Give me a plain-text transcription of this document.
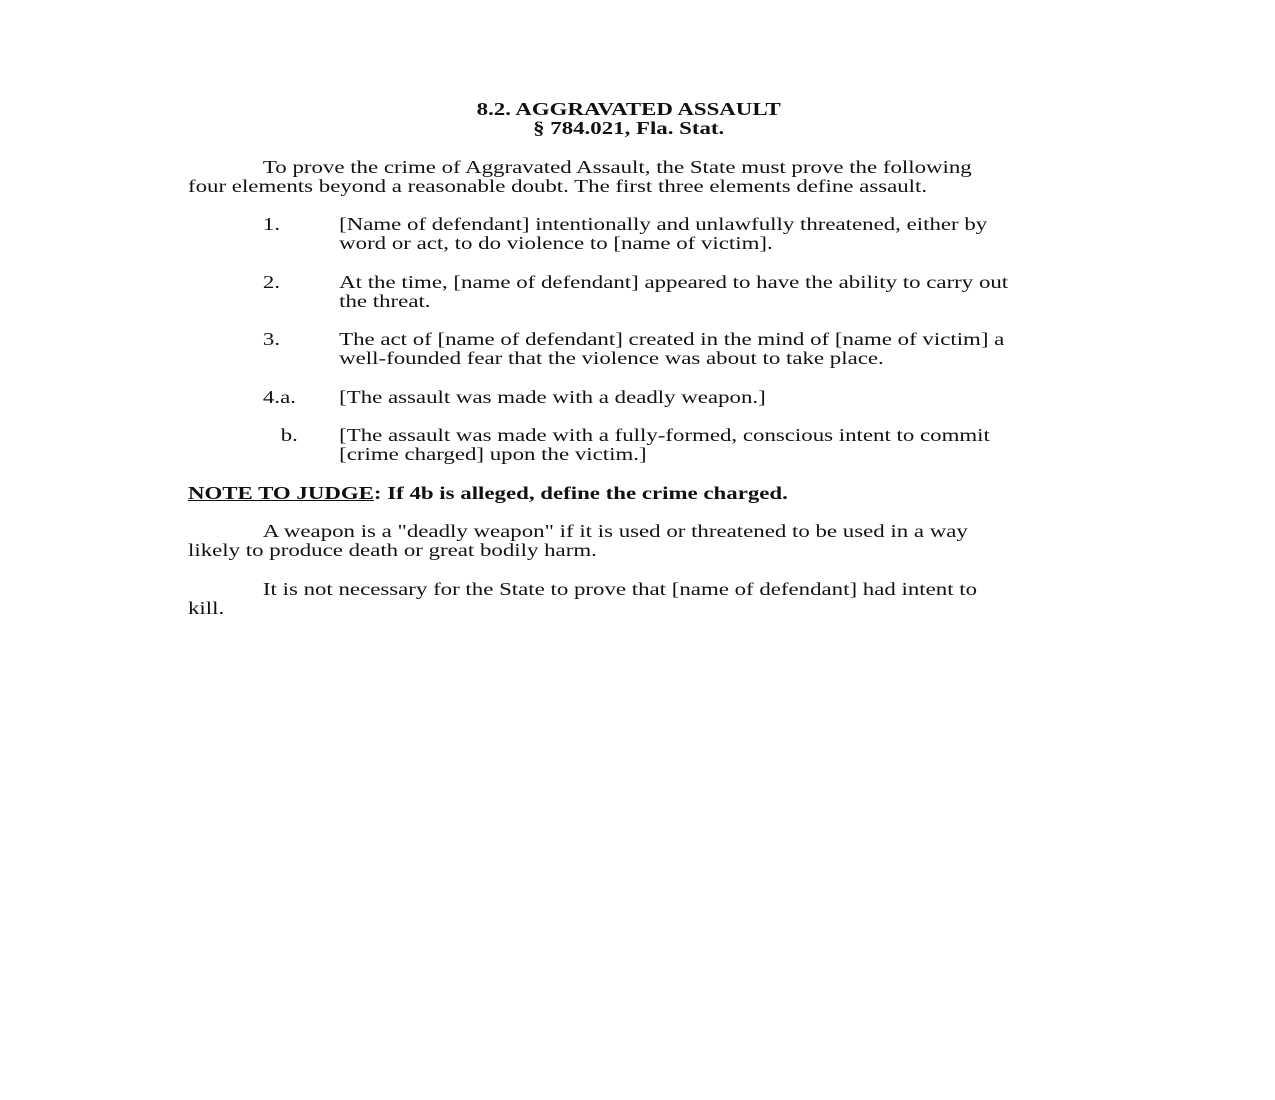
8.2. AGGRAVATED ASSAULT
§ 784.021, Fla. Stat.
To prove the crime of Aggravated Assault, the State must prove the following
four elements beyond a reasonable doubt. The first three elements define assault.
1.	[Name of defendant] intentionally and unlawfully threatened, either by
word or act, to do violence to [name of victim].
2.	At the time, [name of defendant] appeared to have the ability to carry out
the threat.
3.	The act of [name of defendant] created in the mind of [name of victim] a
well-founded fear that the violence was about to take place.
4.a. [The assault was made with a deadly weapon.]
b. [The assault was made with a fully-formed, conscious intent to commit
[crime charged] upon the victim.]
NOTE TO JUDGE: If 4b is alleged, define the crime charged.
A weapon is a "deadly weapon" if it is used or threatened to be used in a way
likely to produce death or great bodily harm.
It is not necessary for the State to prove that [name of defendant] had intent to
kill.
